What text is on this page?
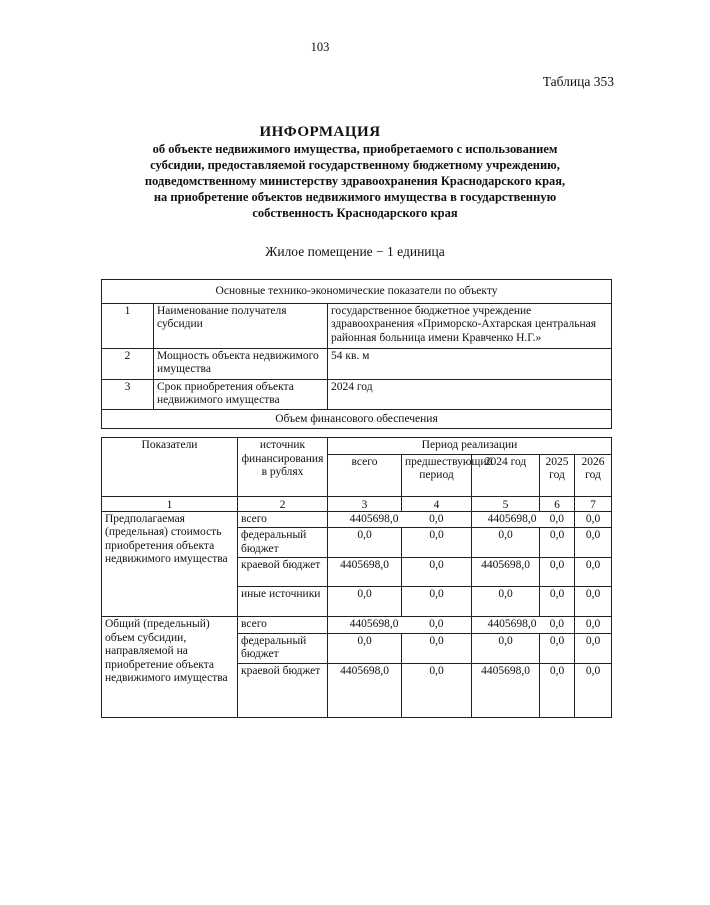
103
Таблица 353
ИНФОРМАЦИЯ
об объекте недвижимого имущества, приобретаемого с использованием
субсидии, предоставляемой государственному бюджетному учреждению,
подведомственному министерству здравоохранения Краснодарского края,
на приобретение объектов недвижимого имущества в государственную
собственность Краснодарского края
Жилое помещение − 1 единица
Основные технико-экономические показатели по объекту		
1	Наименование получателя субсидии	государственное бюджетное учреждение здравоохранения «Приморско-Ахтарская центральная районная больница имени Кравченко Н.Г.»
2	Мощность объекта недвижимого имущества	54 кв. м
3	Срок приобретения объекта недвижимого имущества	2024 год
Объем финансового обеспечения		
Показатели	источник финансирования в рублях	Период реализации				
		всего	предшествующий период	2024 год	2025 год	2026 год
1	2	3	4	5	6	7
Предполагаемая (предельная) стоимость приобретения объекта недвижимого имущества	всего	4405698,0	0,0	4405698,0	0,0	0,0
	федеральный бюджет	0,0	0,0	0,0	0,0	0,0
	краевой бюджет	4405698,0	0,0	4405698,0	0,0	0,0
	иные источники	0,0	0,0	0,0	0,0	0,0
Общий (предельный) объем субсидии, направляемой на приобретение объекта недвижимого имущества	всего	4405698,0	0,0	4405698,0	0,0	0,0
	федеральный бюджет	0,0	0,0	0,0	0,0	0,0
	краевой бюджет	4405698,0	0,0	4405698,0	0,0	0,0
